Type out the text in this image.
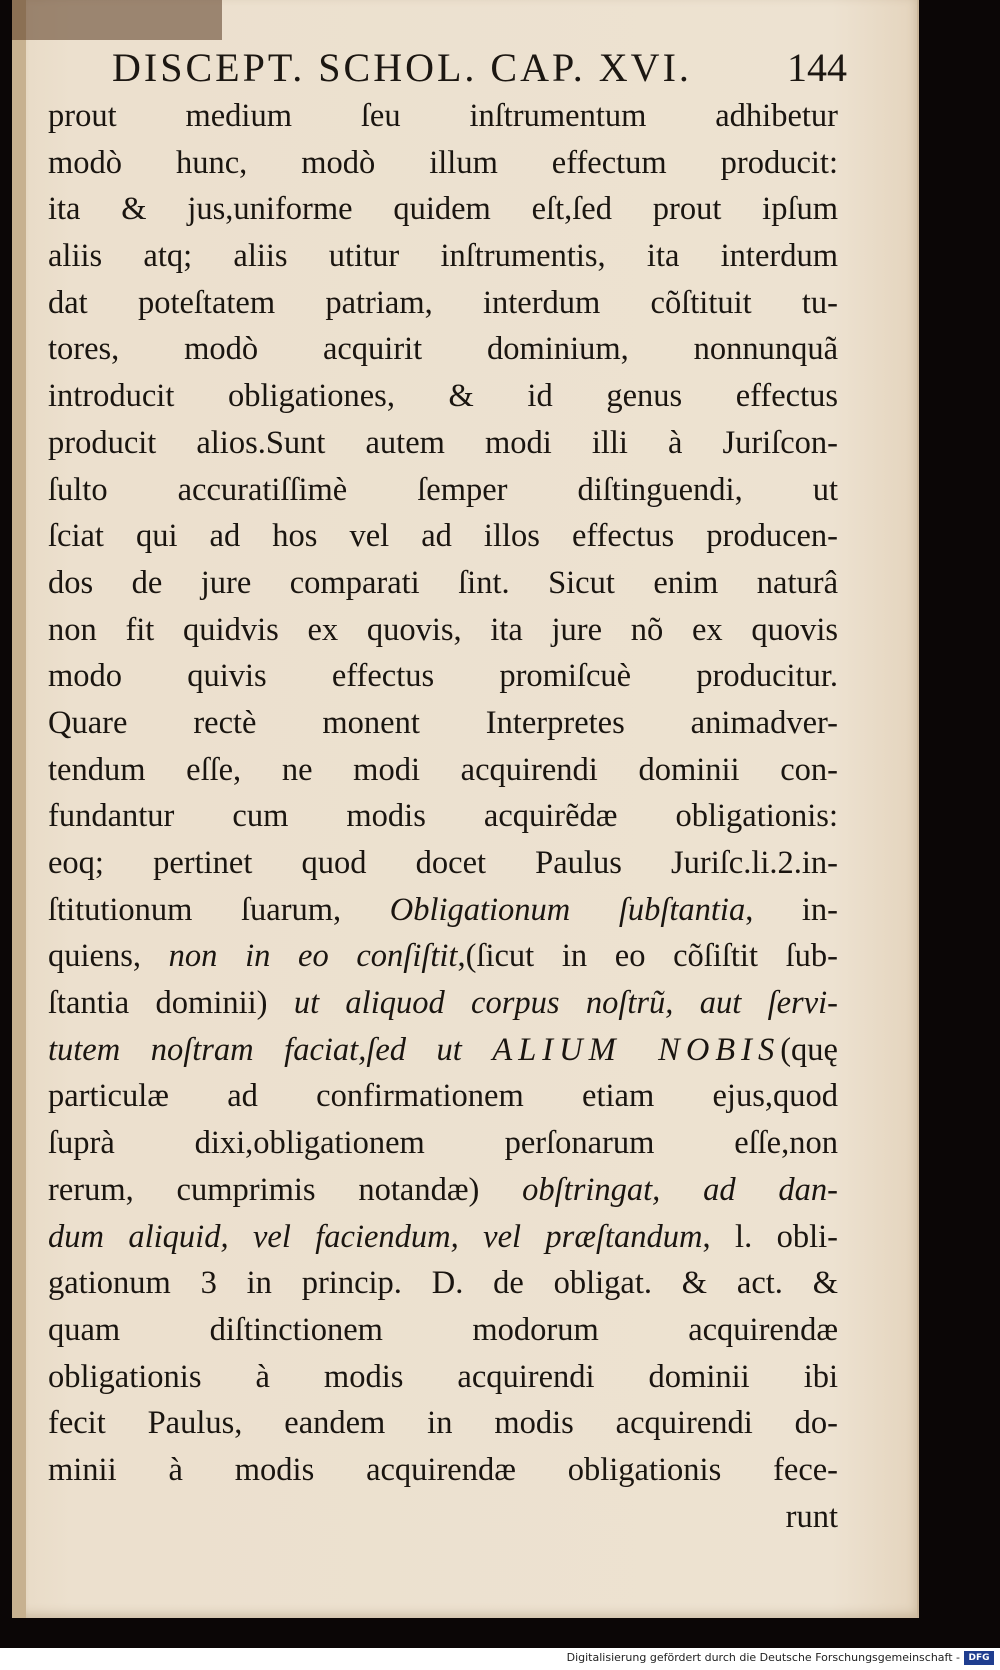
DISCEPT. SCHOL. CAP. XVI. 144
prout medium ſeu inſtrumentum adhibetur
modò hunc, modò illum effectum producit:
ita & jus,uniforme quidem eſt,ſed prout ipſum
aliis atq; aliis utitur inſtrumentis, ita interdum
dat poteſtatem patriam, interdum cõſtituit tu-
tores, modò acquirit dominium, nonnunquã
introducit obligationes, & id genus effectus
producit alios.Sunt autem modi illi à Juriſcon-
ſulto accuratiſſimè ſemper diſtinguendi, ut
ſciat qui ad hos vel ad illos effectus producen-
dos de jure comparati ſint. Sicut enim naturâ
non fit quidvis ex quovis, ita jure nõ ex quovis
modo quivis effectus promiſcuè producitur.
Quare rectè monent Interpretes animadver-
tendum eſſe, ne modi acquirendi dominii con-
fundantur cum modis acquirẽdæ obligationis:
eoq; pertinet quod docet Paulus Juriſc.li.2.in-
ſtitutionum ſuarum, Obligationum ſubſtantia, in-
quiens, non in eo conſiſtit,(ſicut in eo cõſiſtit ſub-
ſtantia dominii) ut aliquod corpus noſtrũ, aut ſervi-
tutem noſtram faciat,ſed ut ALIUM NOBIS(quę
particulæ ad confirmationem etiam ejus,quod
ſuprà dixi,obligationem perſonarum eſſe,non
rerum, cumprimis notandæ) obſtringat, ad dan-
dum aliquid, vel faciendum, vel præſtandum, l. obli-
gationum 3 in princip. D. de obligat. & act. &
quam diſtinctionem modorum acquirendæ
obligationis à modis acquirendi dominii ibi
fecit Paulus, eandem in modis acquirendi do-
minii à modis acquirendæ obligationis fece-
runt
Digitalisierung gefördert durch die Deutsche Forschungsgemeinschaft - DFG
